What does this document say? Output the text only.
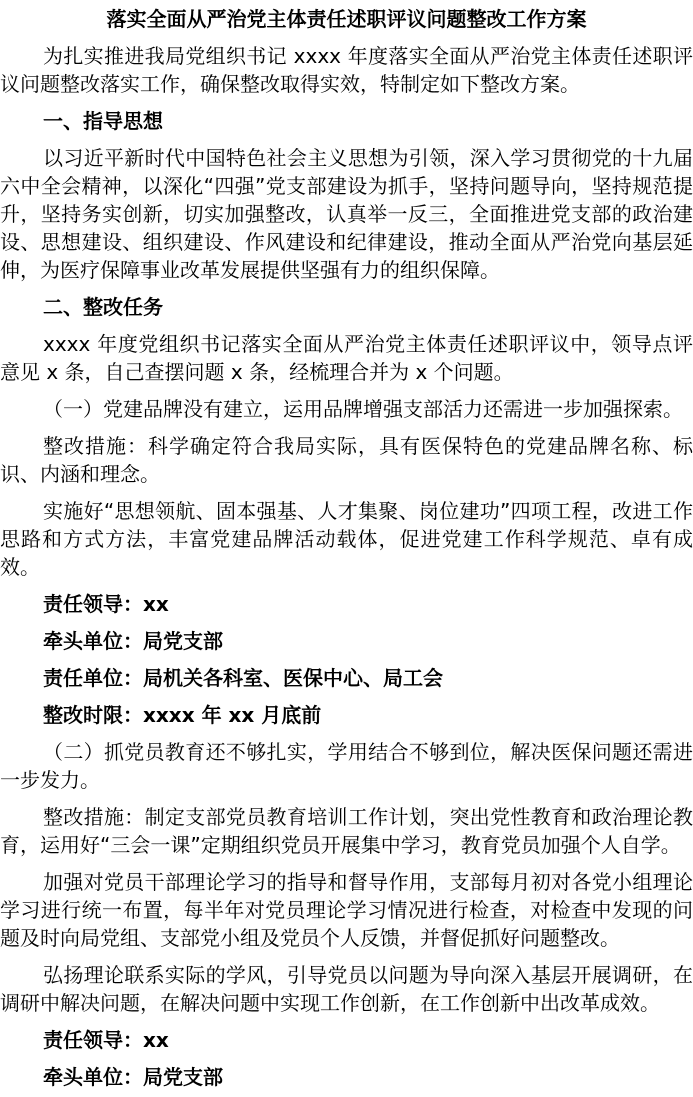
落实全面从严治党主体责任述职评议问题整改工作方案

为扎实推进我局党组织书记 xxxx 年度落实全面从严治党主体责任述职评议问题整改落实工作，确保整改取得实效，特制定如下整改方案。

一、指导思想

以习近平新时代中国特色社会主义思想为引领，深入学习贯彻党的十九届六中全会精神，以深化“四强”党支部建设为抓手，坚持问题导向，坚持规范提升，坚持务实创新，切实加强整改，认真举一反三，全面推进党支部的政治建设、思想建设、组织建设、作风建设和纪律建设，推动全面从严治党向基层延伸，为医疗保障事业改革发展提供坚强有力的组织保障。

二、整改任务

xxxx 年度党组织书记落实全面从严治党主体责任述职评议中，领导点评意见 x 条，自己查摆问题 x 条，经梳理合并为 x 个问题。

（一）党建品牌没有建立，运用品牌增强支部活力还需进一步加强探索。

整改措施：科学确定符合我局实际，具有医保特色的党建品牌名称、标识、内涵和理念。

实施好“思想领航、固本强基、人才集聚、岗位建功”四项工程，改进工作思路和方式方法，丰富党建品牌活动载体，促进党建工作科学规范、卓有成效。

责任领导：xx

牵头单位：局党支部

责任单位：局机关各科室、医保中心、局工会

整改时限：xxxx 年 xx 月底前

（二）抓党员教育还不够扎实，学用结合不够到位，解决医保问题还需进一步发力。

整改措施：制定支部党员教育培训工作计划，突出党性教育和政治理论教育，运用好“三会一课”定期组织党员开展集中学习，教育党员加强个人自学。

加强对党员干部理论学习的指导和督导作用，支部每月初对各党小组理论学习进行统一布置，每半年对党员理论学习情况进行检查，对检查中发现的问题及时向局党组、支部党小组及党员个人反馈，并督促抓好问题整改。

弘扬理论联系实际的学风，引导党员以问题为导向深入基层开展调研，在调研中解决问题，在解决问题中实现工作创新，在工作创新中出改革成效。

责任领导：xx

牵头单位：局党支部
